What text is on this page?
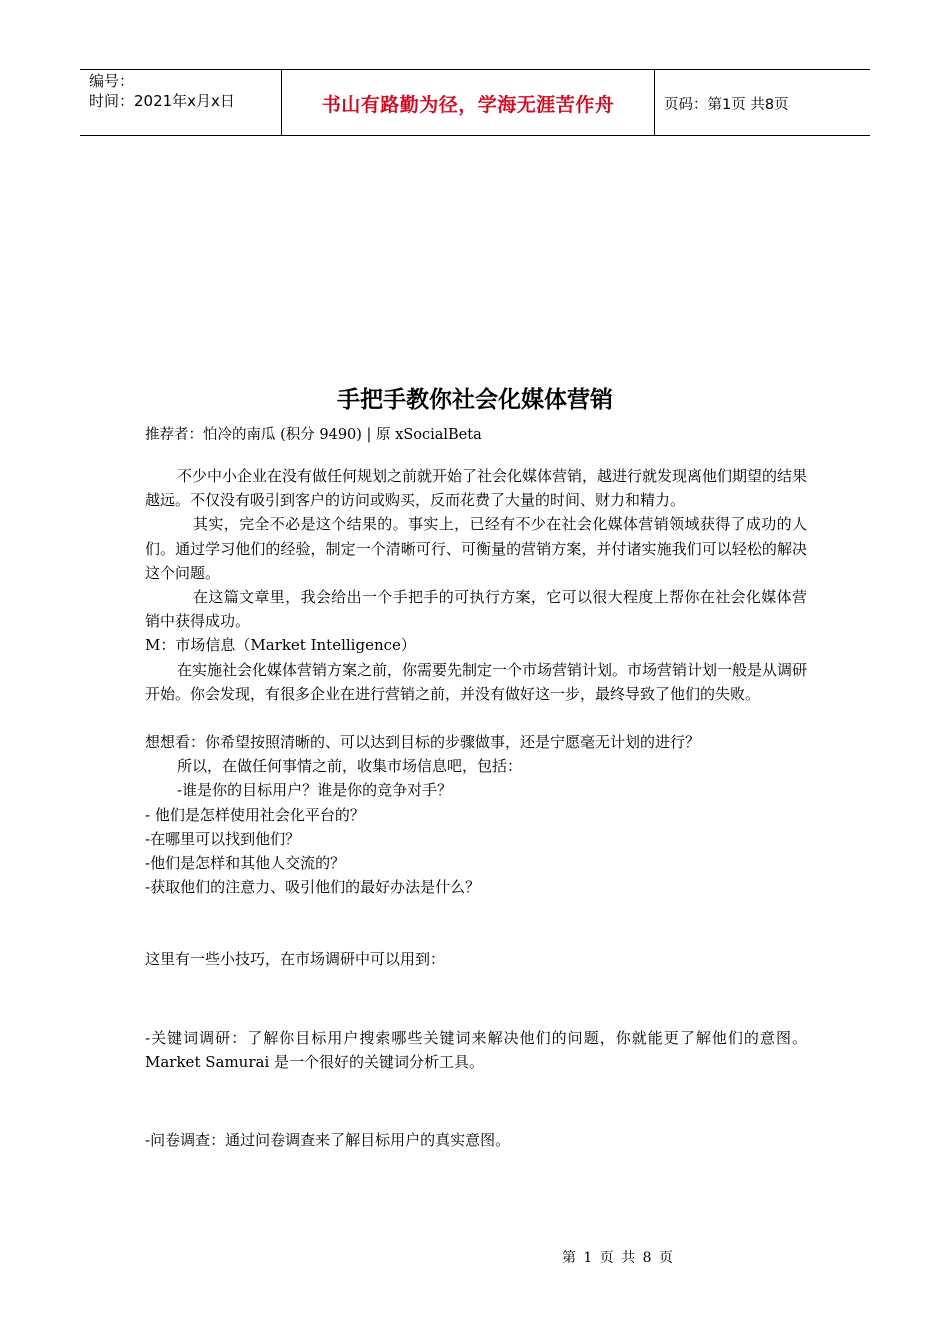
编号：
时间：2021年x月x日	书山有路勤为径，学海无涯苦作舟	页码：第1页 共8页
手把手教你社会化媒体营销
推荐者：怕冷的南瓜 (积分 9490) | 原 xSocialBeta

不少中小企业在没有做任何规划之前就开始了社会化媒体营销，越进行就发现离他们期望的结果越远。不仅没有吸引到客户的访问或购买，反而花费了大量的时间、财力和精力。

其实，完全不必是这个结果的。事实上，已经有不少在社会化媒体营销领域获得了成功的人们。通过学习他们的经验，制定一个清晰可行、可衡量的营销方案，并付诸实施我们可以轻松的解决这个问题。

在这篇文章里，我会给出一个手把手的可执行方案，它可以很大程度上帮你在社会化媒体营销中获得成功。

M：市场信息（Market Intelligence）

在实施社会化媒体营销方案之前，你需要先制定一个市场营销计划。市场营销计划一般是从调研开始。你会发现，有很多企业在进行营销之前，并没有做好这一步，最终导致了他们的失败。

想想看：你希望按照清晰的、可以达到目标的步骤做事，还是宁愿毫无计划的进行？

所以，在做任何事情之前，收集市场信息吧，包括：

-谁是你的目标用户？谁是你的竞争对手？

- 他们是怎样使用社会化平台的？

-在哪里可以找到他们？

-他们是怎样和其他人交流的？

-获取他们的注意力、吸引他们的最好办法是什么？

这里有一些小技巧，在市场调研中可以用到：

-关键词调研：了解你目标用户搜索哪些关键词来解决他们的问题，你就能更了解他们的意图。Market Samurai 是一个很好的关键词分析工具。

-问卷调查：通过问卷调查来了解目标用户的真实意图。

第 1 页 共 8 页
